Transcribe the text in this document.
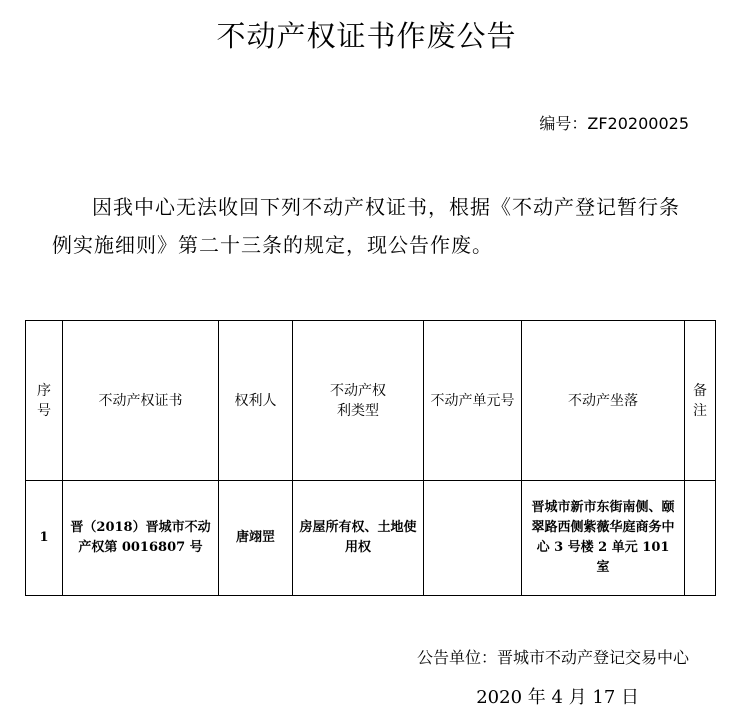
不动产权证书作废公告
编号：ZF20200025
因我中心无法收回下列不动产权证书，根据《不动产登记暂行条例实施细则》第二十三条的规定，现公告作废。
序号	不动产权证书	权利人	不动产权利类型	不动产单元号	不动产坐落	备注
1	晋（2018）晋城市不动产权第 0016807 号	唐翊罡	房屋所有权、土地使用权		晋城市新市东街南侧、颐翠路西侧紫薇华庭商务中心 3 号楼 2 单元 101 室	
公告单位：晋城市不动产登记交易中心
2020 年 4 月 17 日
